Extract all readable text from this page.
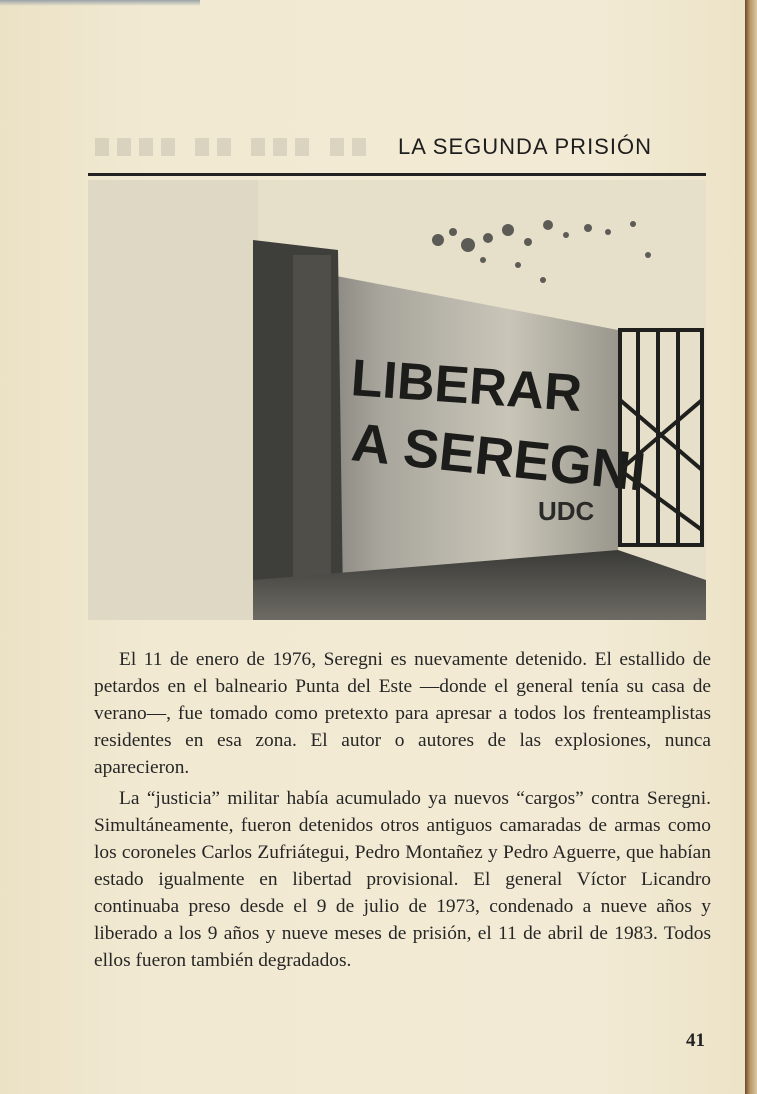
LA SEGUNDA PRISIÓN
LIBERAR
A SEREGNI
UDC

El 11 de enero de 1976, Seregni es nuevamente detenido. El estallido de petardos en el balneario Punta del Este —donde el general tenía su casa de verano—, fue tomado como pretexto para apresar a todos los frenteamplistas residentes en esa zona. El autor o autores de las explosiones, nunca aparecieron.

La “justicia” militar había acumulado ya nuevos “cargos” contra Seregni. Simultáneamente, fueron detenidos otros antiguos camaradas de armas como los coroneles Carlos Zufriátegui, Pedro Montañez y Pedro Aguerre, que habían estado igualmente en libertad provisional. El general Víctor Licandro continuaba preso desde el 9 de julio de 1973, condenado a nueve años y liberado a los 9 años y nueve meses de prisión, el 11 de abril de 1983. Todos ellos fueron también degradados.

41
